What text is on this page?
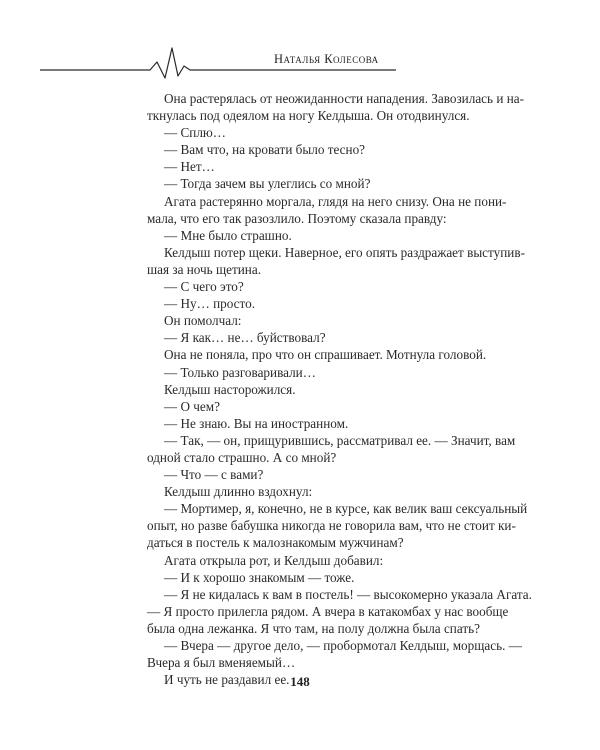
Наталья Колесова
Она растерялась от неожиданности нападения. Завозилась и на-
ткнулась под одеялом на ногу Келдыша. Он отодвинулся.
— Сплю…
— Вам что, на кровати было тесно?
— Нет…
— Тогда зачем вы улеглись со мной?
Агата растерянно моргала, глядя на него снизу. Она не пони-
мала, что его так разозлило. Поэтому сказала правду:
— Мне было страшно.
Келдыш потер щеки. Наверное, его опять раздражает выступив-
шая за ночь щетина.
— С чего это?
— Ну… просто.
Он помолчал:
— Я как… не… буйствовал?
Она не поняла, про что он спрашивает. Мотнула головой.
— Только разговаривали…
Келдыш насторожился.
— О чем?
— Не знаю. Вы на иностранном.
— Так, — он, прищурившись, рассматривал ее. — Значит, вам
одной стало страшно. А со мной?
— Что — с вами?
Келдыш длинно вздохнул:
— Мортимер, я, конечно, не в курсе, как велик ваш сексуальный
опыт, но разве бабушка никогда не говорила вам, что не стоит ки-
даться в постель к малознакомым мужчинам?
Агата открыла рот, и Келдыш добавил:
— И к хорошо знакомым — тоже.
— Я не кидалась к вам в постель! — высокомерно указала Агата.
— Я просто прилегла рядом. А вчера в катакомбах у нас вообще
была одна лежанка. Я что там, на полу должна была спать?
— Вчера — другое дело, — пробормотал Келдыш, морщась. —
Вчера я был вменяемый…
И чуть не раздавил ее. 148
